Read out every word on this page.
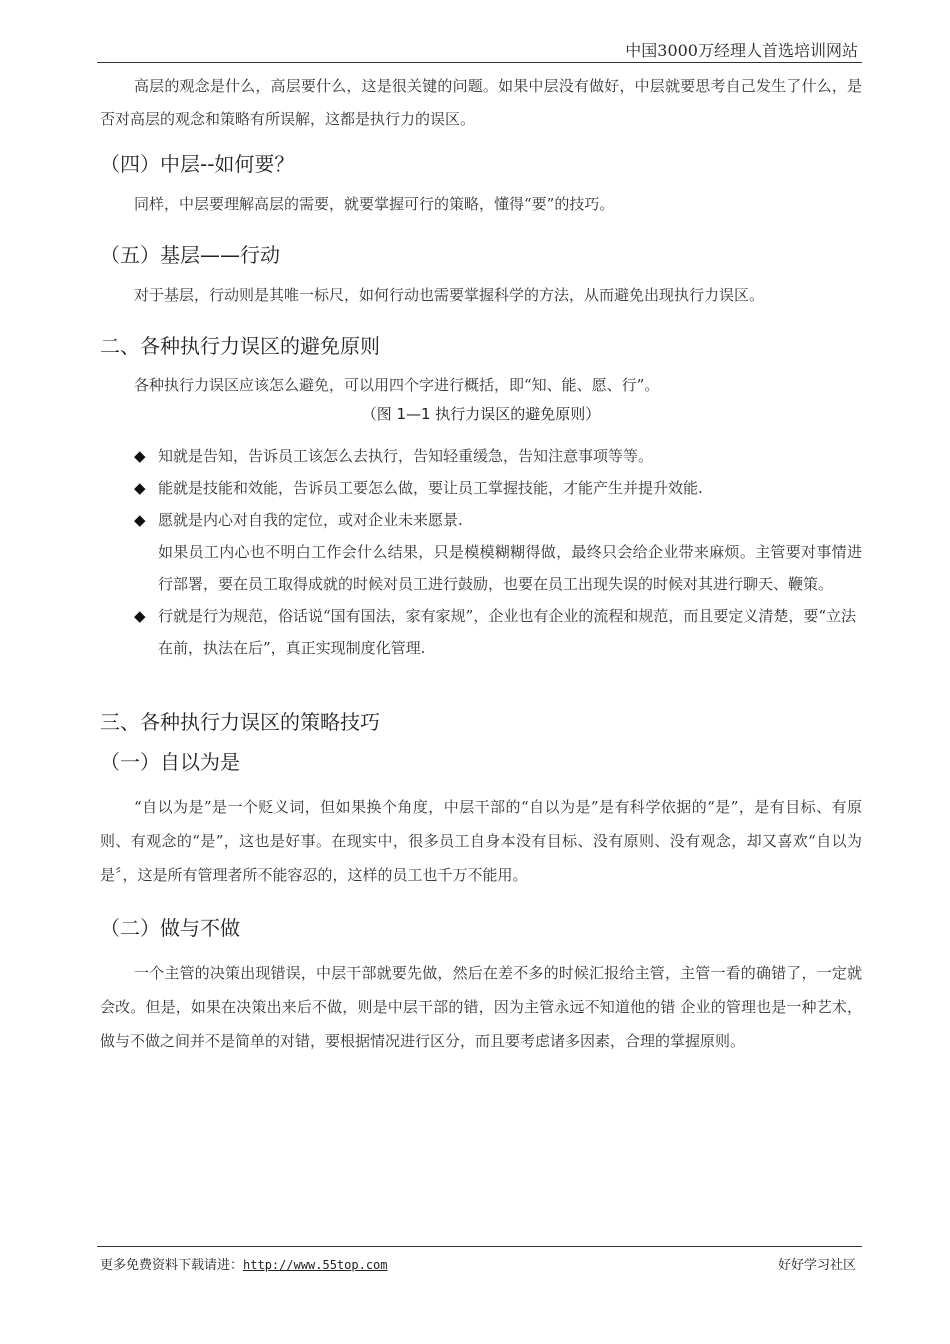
中国3000万经理人首选培训网站

高层的观念是什么，高层要什么，这是很关键的问题。如果中层没有做好，中层就要思考自己发生了什么，是否对高层的观念和策略有所误解，这都是执行力的误区。

（四）中层--如何要？

同样，中层要理解高层的需要，就要掌握可行的策略，懂得“要”的技巧。

（五）基层——行动

对于基层，行动则是其唯一标尺，如何行动也需要掌握科学的方法，从而避免出现执行力误区。

二、各种执行力误区的避免原则

各种执行力误区应该怎么避免，可以用四个字进行概括，即“知、能、愿、行”。

（图 1—1 执行力误区的避免原则）

◆ 知就是告知，告诉员工该怎么去执行，告知轻重缓急，告知注意事项等等。
◆ 能就是技能和效能，告诉员工要怎么做，要让员工掌握技能，才能产生并提升效能.
◆ 愿就是内心对自我的定位，或对企业未来愿景.

如果员工内心也不明白工作会什么结果，只是模模糊糊得做，最终只会给企业带来麻烦。主管要对事情进行部署，要在员工取得成就的时候对员工进行鼓励，也要在员工出现失误的时候对其进行聊天、鞭策。

◆ 行就是行为规范，俗话说“国有国法，家有家规”，企业也有企业的流程和规范，而且要定义清楚，要“立法在前，执法在后”，真正实现制度化管理.
三、各种执行力误区的策略技巧
（一）自以为是

“自以为是”是一个贬义词，但如果换个角度，中层干部的“自以为是”是有科学依据的“是”，是有目标、有原则、有观念的“是”，这也是好事。在现实中，很多员工自身本没有目标、没有原则、没有观念，却又喜欢“自以为是〞，这是所有管理者所不能容忍的，这样的员工也千万不能用。

（二）做与不做

一个主管的决策出现错误，中层干部就要先做，然后在差不多的时候汇报给主管，主管一看的确错了，一定就会改。但是，如果在决策出来后不做，则是中层干部的错，因为主管永远不知道他的错 企业的管理也是一种艺术，做与不做之间并不是简单的对错，要根据情况进行区分，而且要考虑诸多因素，合理的掌握原则。

更多免费资料下载请进：http://www.55top.com	好好学习社区
